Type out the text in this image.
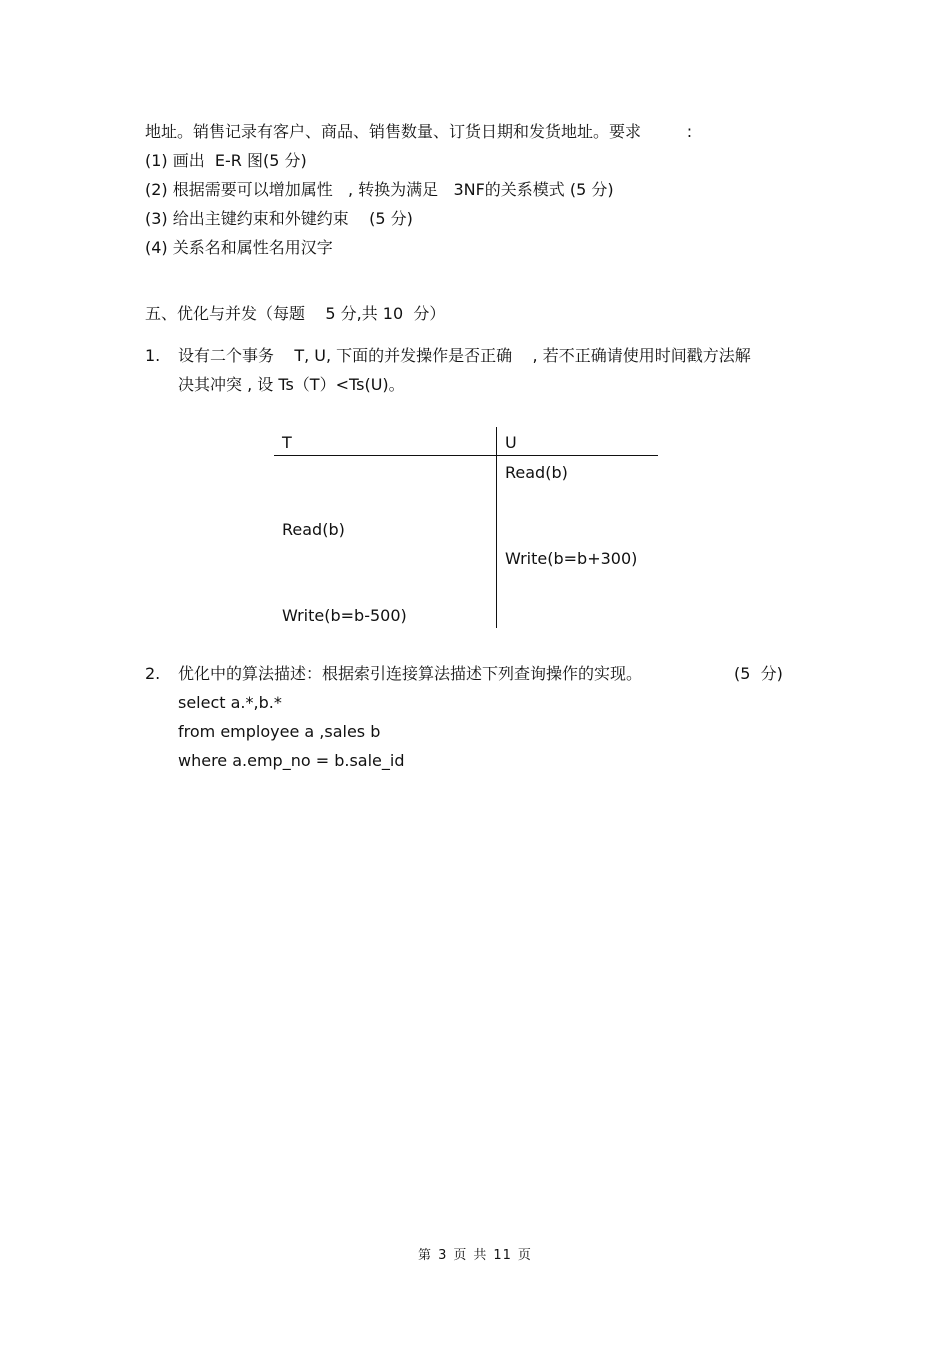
地址。销售记录有客户、商品、销售数量、订货日期和发货地址。要求         :
(1) 画出  E-R 图(5 分)
(2) 根据需要可以增加属性   , 转换为满足   3NF的关系模式 (5 分)
(3) 给出主键约束和外键约束    (5 分)
(4) 关系名和属性名用汉字
五、优化与并发（每题    5 分,共 10  分）
1. 设有二个事务    T, U, 下面的并发操作是否正确    , 若不正确请使用时间戳方法解
决其冲突 , 设 Ts（T）<Ts(U)。
T	U
Read(b)
Read(b)
Write(b=b+300)
Write(b=b-500)
2. 优化中的算法描述：根据索引连接算法描述下列查询操作的实现。	(5  分)
select a.*,b.*
from employee a ,sales b
where a.emp_no = b.sale_id
第 3 页 共 11 页
